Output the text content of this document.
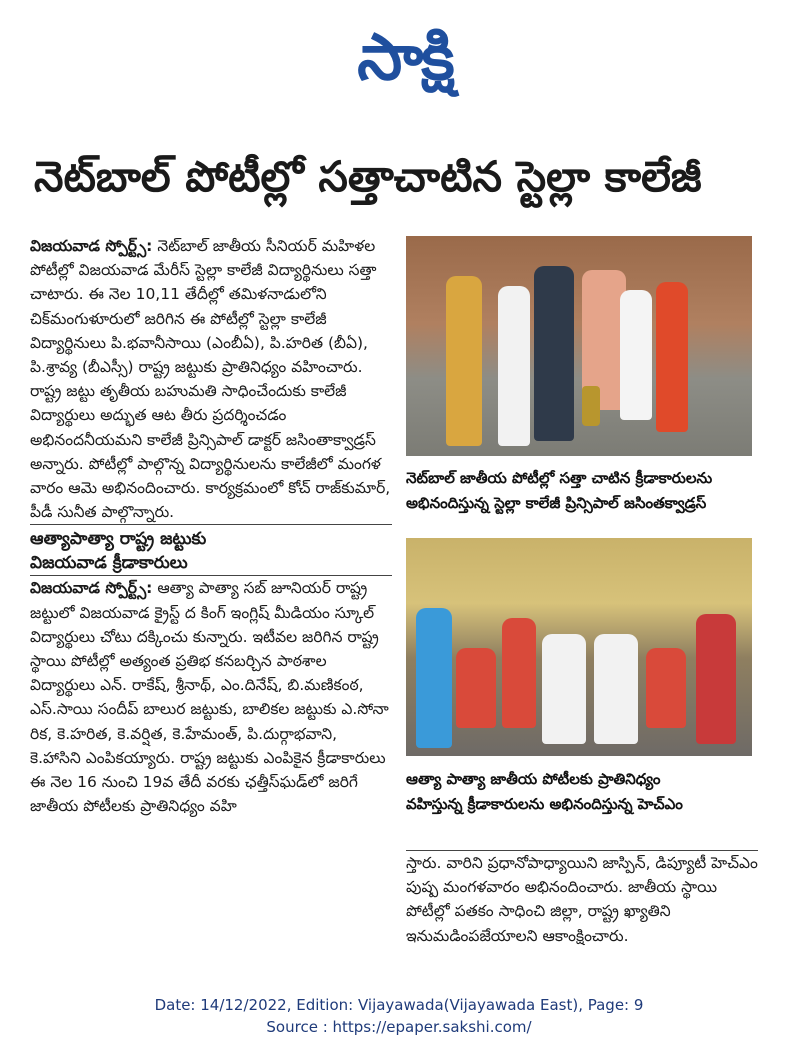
సాక్షి
నెట్‌బాల్ పోటీల్లో సత్తాచాటిన స్టెల్లా కాలేజీ

విజయవాడ స్పోర్ట్స్: నెట్‌బాల్ జాతీయ సీనియర్ మహిళల పోటీల్లో విజయవాడ మేరీస్ స్టెల్లా కాలేజీ విద్యార్థినులు సత్తా చాటారు. ఈ నెల 10,11 తేదీల్లో తమిళనాడులోని చిక్‌మంగుళూరులో జరిగిన ఈ పోటీల్లో స్టెల్లా కాలేజీ విద్యార్థినులు పి.భవానీసాయి (ఎంబీఏ), పి.హరిత (బీఏ), పి.శ్రావ్య (బీఎస్సీ) రాష్ట్ర జట్టుకు ప్రాతినిధ్యం వహించారు. రాష్ట్ర జట్టు తృతీయ బహుమతి సాధించేందుకు కాలేజీ విద్యార్థులు అద్భుత ఆట తీరు ప్రదర్శించడం అభినందనీయమని కాలేజీ ప్రిన్సిపాల్ డాక్టర్ జసింతాక్వాడ్రస్ అన్నారు. పోటీల్లో పాల్గొన్న విద్యార్థినులను కాలేజీలో మంగళ వారం ఆమె అభినందించారు. కార్యక్రమంలో కోచ్ రాజ్‌కుమార్, పీడీ సునీత పాల్గొన్నారు.

ఆత్యాపాత్యా రాష్ట్ర జట్టుకు
విజయవాడ క్రీడాకారులు

విజయవాడ స్పోర్ట్స్: ఆత్యా పాత్యా సబ్ జూనియర్ రాష్ట్ర జట్టులో విజయవాడ క్రైస్ట్ ద కింగ్ ఇంగ్లిష్ మీడియం స్కూల్ విద్యార్థులు చోటు దక్కించు కున్నారు. ఇటీవల జరిగిన రాష్ట్ర స్థాయి పోటీల్లో అత్యంత ప్రతిభ కనబర్చిన పాఠశాల విద్యార్థులు ఎన్. రాకేష్, శ్రీనాథ్, ఎం.దినేష్, బి.మణికంఠ, ఎస్.సాయి సందీప్ బాలుర జట్టుకు, బాలికల జట్టుకు ఎ.సోనా రిక, కె.హరిత, కె.వర్షిత, కె.హేమంత్, పి.దుర్గాభవాని, కె.హాసిని ఎంపికయ్యారు. రాష్ట్ర జట్టుకు ఎంపికైన క్రీడాకారులు ఈ నెల 16 నుంచి 19వ తేదీ వరకు ఛత్తీస్‌ఘడ్‌లో జరిగే జాతీయ పోటీలకు ప్రాతినిధ్యం వహి

నెట్‌బాల్ జాతీయ పోటీల్లో సత్తా చాటిన క్రీడాకారులను
అభినందిస్తున్న స్టెల్లా కాలేజీ ప్రిన్సిపాల్ జసింతక్వాడ్రస్
ఆత్యా పాత్యా జాతీయ పోటీలకు ప్రాతినిధ్యం
వహిస్తున్న క్రీడాకారులను అభినందిస్తున్న హెచ్‌ఎం

స్తారు. వారిని ప్రధానోపాధ్యాయిని జాస్పిన్, డిప్యూటీ హెచ్ఎం పుష్ప మంగళవారం అభినందించారు. జాతీయ స్థాయి పోటీల్లో పతకం సాధించి జిల్లా, రాష్ట్ర ఖ్యాతిని ఇనుమడింపజేయాలని ఆకాంక్షించారు.

Date: 14/12/2022, Edition: Vijayawada(Vijayawada East), Page: 9
Source : https://epaper.sakshi.com/
